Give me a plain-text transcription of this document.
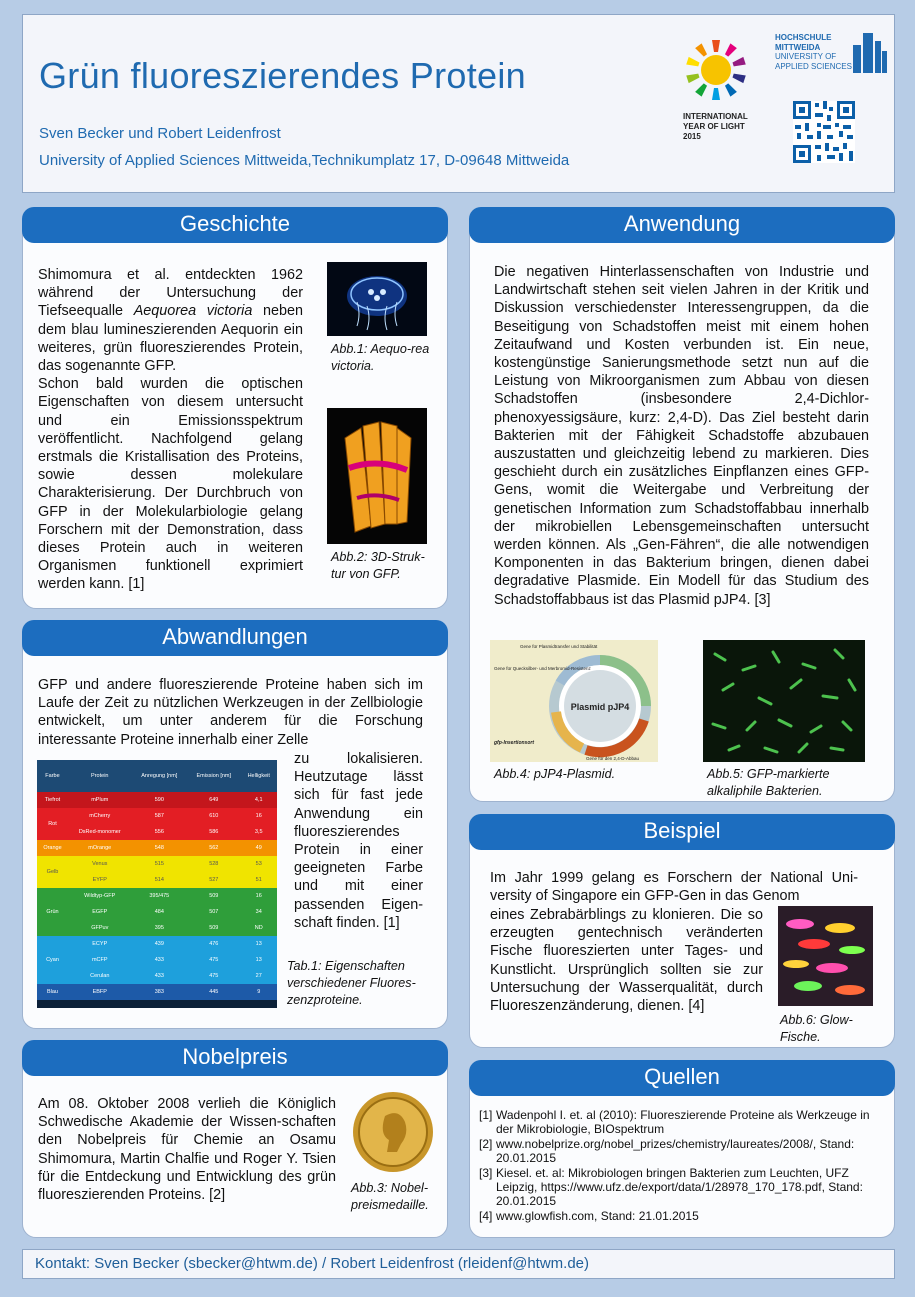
Grün fluoreszierendes Protein
Sven Becker und Robert Leidenfrost
University of Applied Sciences Mittweida,Technikumplatz 17, D-09648 Mittweida
INTERNATIONAL
YEAR OF LIGHT
2015
HOCHSCHULE
MITTWEIDA
UNIVERSITY OF
APPLIED SCIENCES
Geschichte
Shimomura et al. entdeckten 1962 während der Untersuchung der Tiefseequalle Aequorea victoria neben dem blau lumineszierenden Aequorin ein weiteres, grün fluoreszierendes Protein, das sogenannte GFP.
Schon bald wurden die optischen Eigenschaften von diesem untersucht und ein Emissionsspektrum veröffentlicht. Nachfolgend gelang erstmals die Kristallisation des Proteins, sowie dessen molekulare Charakterisierung. Der Durchbruch von GFP in der Molekularbiologie gelang Forschern mit der Demonstration, dass dieses Protein auch in weiteren Organismen funktionell exprimiert werden kann. [1]
Abb.1: Aequo-rea victoria.
Abb.2: 3D-Struk-tur von GFP.
Abwandlungen
GFP und andere fluoreszierende Proteine haben sich im Laufe der Zeit zu nützlichen Werkzeugen in der Zellbiologie entwickelt, um unter anderem für die Forschung interessante Proteine innerhalb einer Zelle
zu lokalisieren. Heutzutage lässt sich für fast jede Anwendung ein fluoreszierendes Protein in einer geeigneten Farbe und mit einer passenden Eigen-schaft finden. [1]
Farbe	Protein	Anregung [nm]	Emission [nm]	Helligkeit
Tiefrot	mPlum	590	649	4,1
Rot	mCherry	587	610	16
	DsRed-monomer	556	586	3,5
Orange	mOrange	548	562	49
Gelb	Venus	515	528	53
	EYFP	514	527	51
Grün	Wildtyp-GFP	395/475	509	16
	EGFP	484	507	34
	GFPuv	395	509	ND
Cyan	ECYP	439	476	13
	mCFP	433	475	13
	Cerulan	433	475	27
Blau	EBFP	383	445	9
Tab.1: Eigenschaften verschiedener Fluores-zenzproteine.
Nobelpreis
Am 08. Oktober 2008 verlieh die Königlich Schwedische Akademie der Wissen-schaften den Nobelpreis für Chemie an Osamu Shimomura, Martin Chalfie und Roger Y. Tsien für die Entdeckung und Entwicklung des grün fluoreszierenden Proteins. [2]	Abb.3: Nobel-preismedaille.
Anwendung
Die negativen Hinterlassenschaften von Industrie und Landwirtschaft stehen seit vielen Jahren in der Kritik und Diskussion verschiedenster Interessengruppen, da die Beseitigung von Schadstoffen meist mit einem hohen Zeitaufwand und Kosten verbunden ist. Ein neue, kostengünstige Sanierungsmethode setzt nun auf die Leistung von Mikroorganismen zum Abbau von diesen Schadstoffen (insbesondere 2,4-Dichlor-phenoxyessigsäure, kurz: 2,4-D). Das Ziel besteht darin Bakterien mit der Fähigkeit Schadstoffe abzubauen auszustatten und gleichzeitig lebend zu markieren. Dies geschieht durch ein zusätzliches Einpflanzen eines GFP-Gens, womit die Weitergabe und Verbreitung der genetischen Information zum Schadstoffabbau innerhalb der mikrobiellen Lebensgemeinschaften untersucht werden können. Als „Gen-Fähren“, die alle notwendigen Komponenten in das Bakterium bringen, dienen dabei degradative Plasmide. Ein Modell für das Studium des Schadstoffabbaus ist das Plasmid pJP4. [3]
Plasmid pJP4
Gene für Plasmidtransfer und Stabilität
Gene für Quecksilber- und Merbromid-Resistenz
gfp-Insertionsort
Gene für den 2,4-D-Abbau
Abb.4: pJP4-Plasmid.	Abb.5: GFP-markierte alkaliphile Bakterien.
Beispiel
Im Jahr 1999 gelang es Forschern der National Uni-versity of Singapore ein GFP-Gen in das Genom
eines Zebrabärblings zu klonieren. Die so erzeugten gentechnisch veränderten Fische fluoreszierten unter Tages- und Kunstlicht. Ursprünglich sollten sie zur Untersuchung der Wasserqualität, durch Fluoreszenzänderung, dienen. [4]
Abb.6: Glow-Fische.
Quellen
[1] Wadenpohl I. et. al (2010): Fluoreszierende Proteine als Werkzeuge in der Mikrobiologie, BIOspektrum
[2] www.nobelprize.org/nobel_prizes/chemistry/laureates/2008/, Stand: 20.01.2015
[3] Kiesel. et. al: Mikrobiologen bringen Bakterien zum Leuchten, UFZ Leipzig, https://www.ufz.de/export/data/1/28978_170_178.pdf, Stand: 20.01.2015
[4] www.glowfish.com, Stand: 21.01.2015
Kontakt: Sven Becker (sbecker@htwm.de) / Robert Leidenfrost (rleidenf@htwm.de)
